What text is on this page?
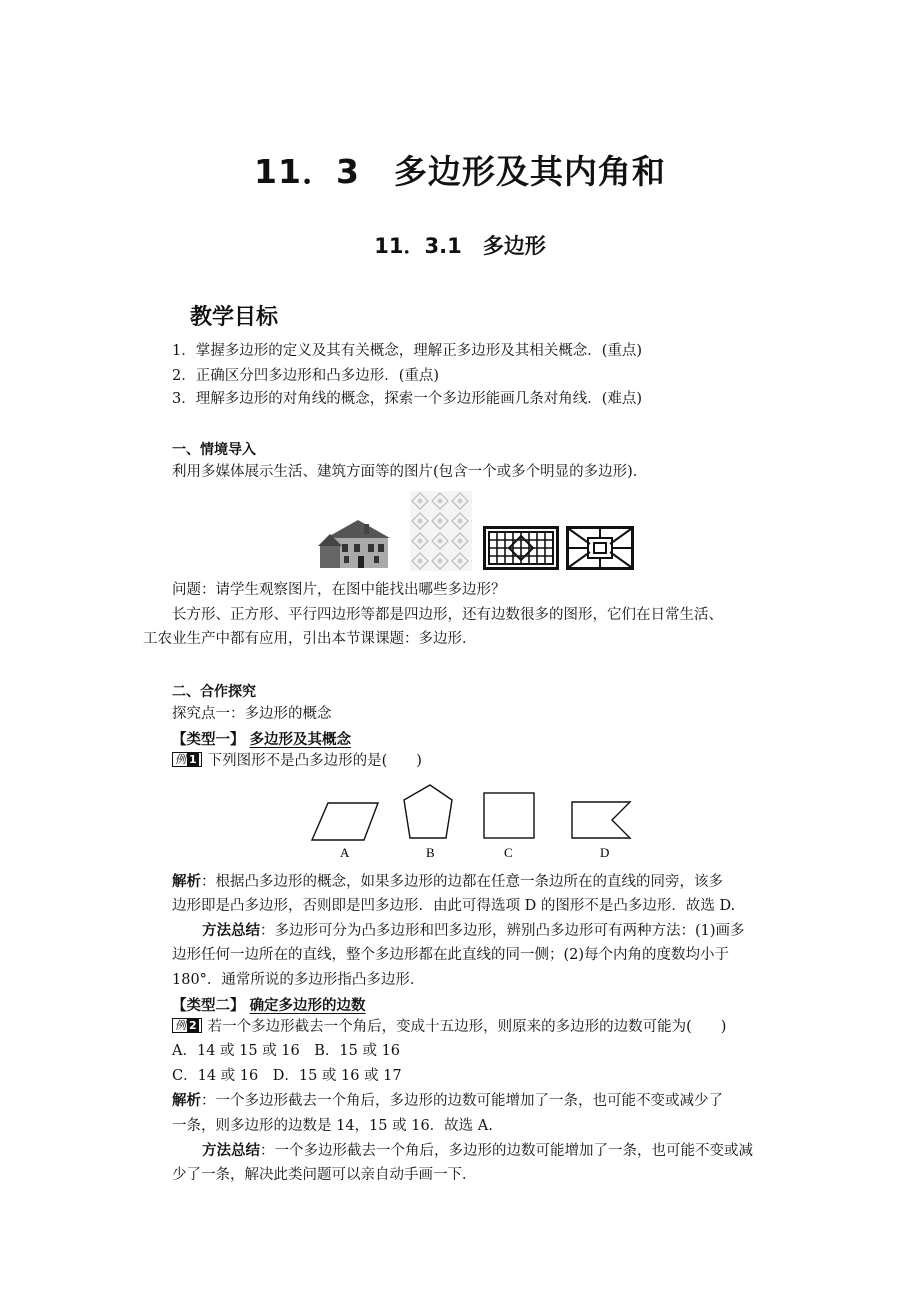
11．3　多边形及其内角和
11．3.1　多边形
教学目标
1．掌握多边形的定义及其有关概念，理解正多边形及其相关概念．(重点)
2．正确区分凹多边形和凸多边形．(重点)
3．理解多边形的对角线的概念，探索一个多边形能画几条对角线．(难点)
一、情境导入
利用多媒体展示生活、建筑方面等的图片(包含一个或多个明显的多边形)．
问题：请学生观察图片，在图中能找出哪些多边形？
长方形、正方形、平行四边形等都是四边形，还有边数很多的图形，它们在日常生活、
工农业生产中都有应用，引出本节课课题：多边形．
二、合作探究
探究点一：多边形的概念
【类型一】 多边形及其概念
例 1 下列图形不是凸多边形的是(　　)
A	B	C	D
解析：根据凸多边形的概念，如果多边形的边都在任意一条边所在的直线的同旁，该多
边形即是凸多边形，否则即是凹多边形．由此可得选项 D 的图形不是凸多边形．故选 D.
方法总结：多边形可分为凸多边形和凹多边形，辨别凸多边形可有两种方法：(1)画多
边形任何一边所在的直线，整个多边形都在此直线的同一侧；(2)每个内角的度数均小于
180°．通常所说的多边形指凸多边形．
【类型二】 确定多边形的边数
例 2 若一个多边形截去一个角后，变成十五边形，则原来的多边形的边数可能为(　　)
A．14 或 15 或 16　B．15 或 16
C．14 或 16　D．15 或 16 或 17
解析：一个多边形截去一个角后，多边形的边数可能增加了一条，也可能不变或减少了
一条，则多边形的边数是 14，15 或 16．故选 A.
方法总结：一个多边形截去一个角后，多边形的边数可能增加了一条，也可能不变或减
少了一条，解决此类问题可以亲自动手画一下．
